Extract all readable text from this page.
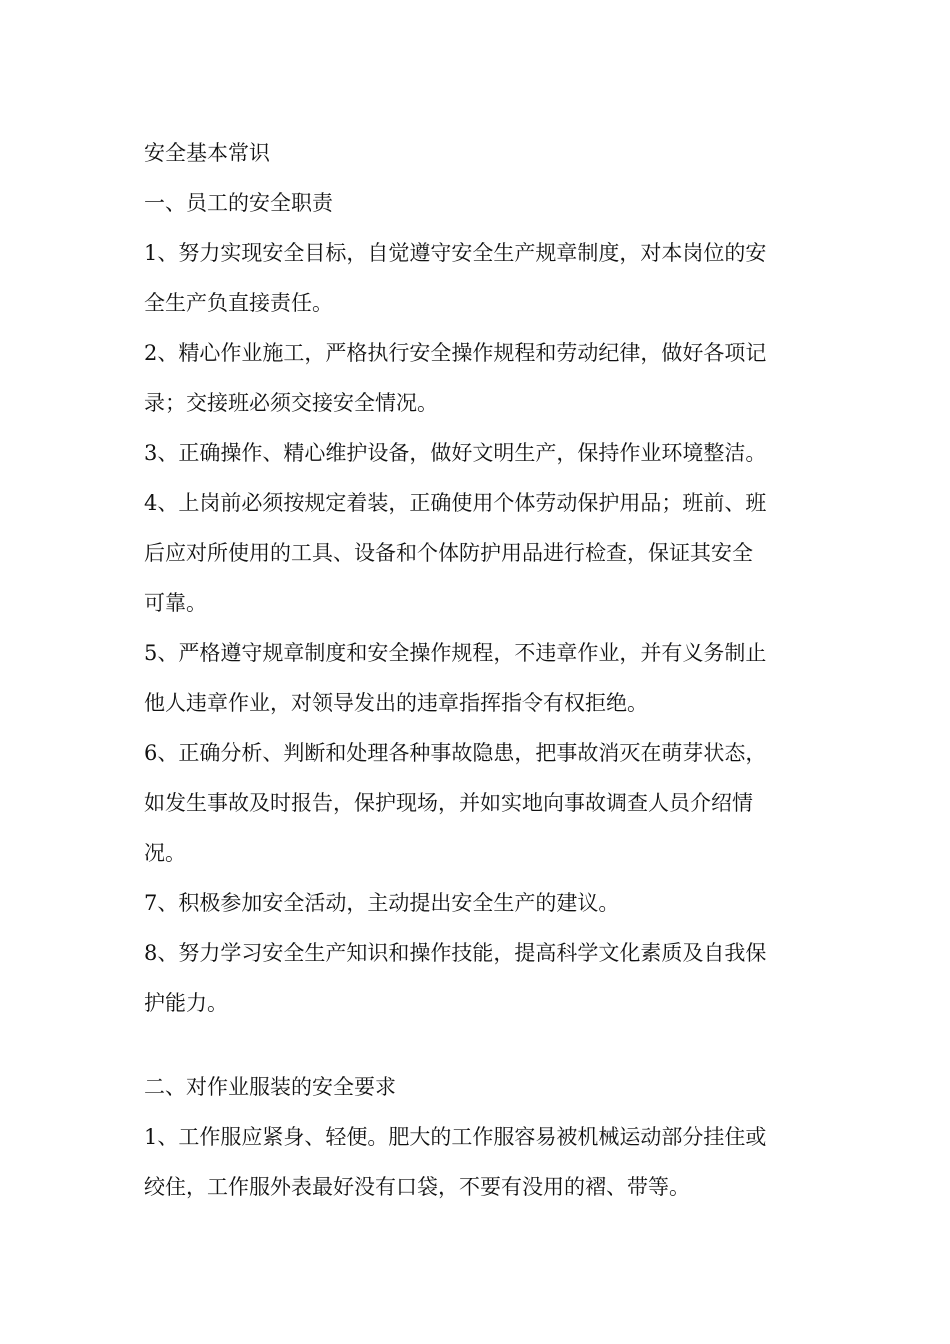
安全基本常识

一、员工的安全职责

1、努力实现安全目标，自觉遵守安全生产规章制度，对本岗位的安

全生产负直接责任。

2、精心作业施工，严格执行安全操作规程和劳动纪律，做好各项记

录；交接班必须交接安全情况。

3、正确操作、精心维护设备，做好文明生产，保持作业环境整洁。

4、上岗前必须按规定着装，正确使用个体劳动保护用品；班前、班

后应对所使用的工具、设备和个体防护用品进行检查，保证其安全

可靠。

5、严格遵守规章制度和安全操作规程，不违章作业，并有义务制止

他人违章作业，对领导发出的违章指挥指令有权拒绝。

6、正确分析、判断和处理各种事故隐患，把事故消灭在萌芽状态，

如发生事故及时报告，保护现场，并如实地向事故调查人员介绍情

况。

7、积极参加安全活动，主动提出安全生产的建议。

8、努力学习安全生产知识和操作技能，提高科学文化素质及自我保

护能力。

二、对作业服装的安全要求

1、工作服应紧身、轻便。肥大的工作服容易被机械运动部分挂住或

绞住，工作服外表最好没有口袋，不要有没用的褶、带等。
